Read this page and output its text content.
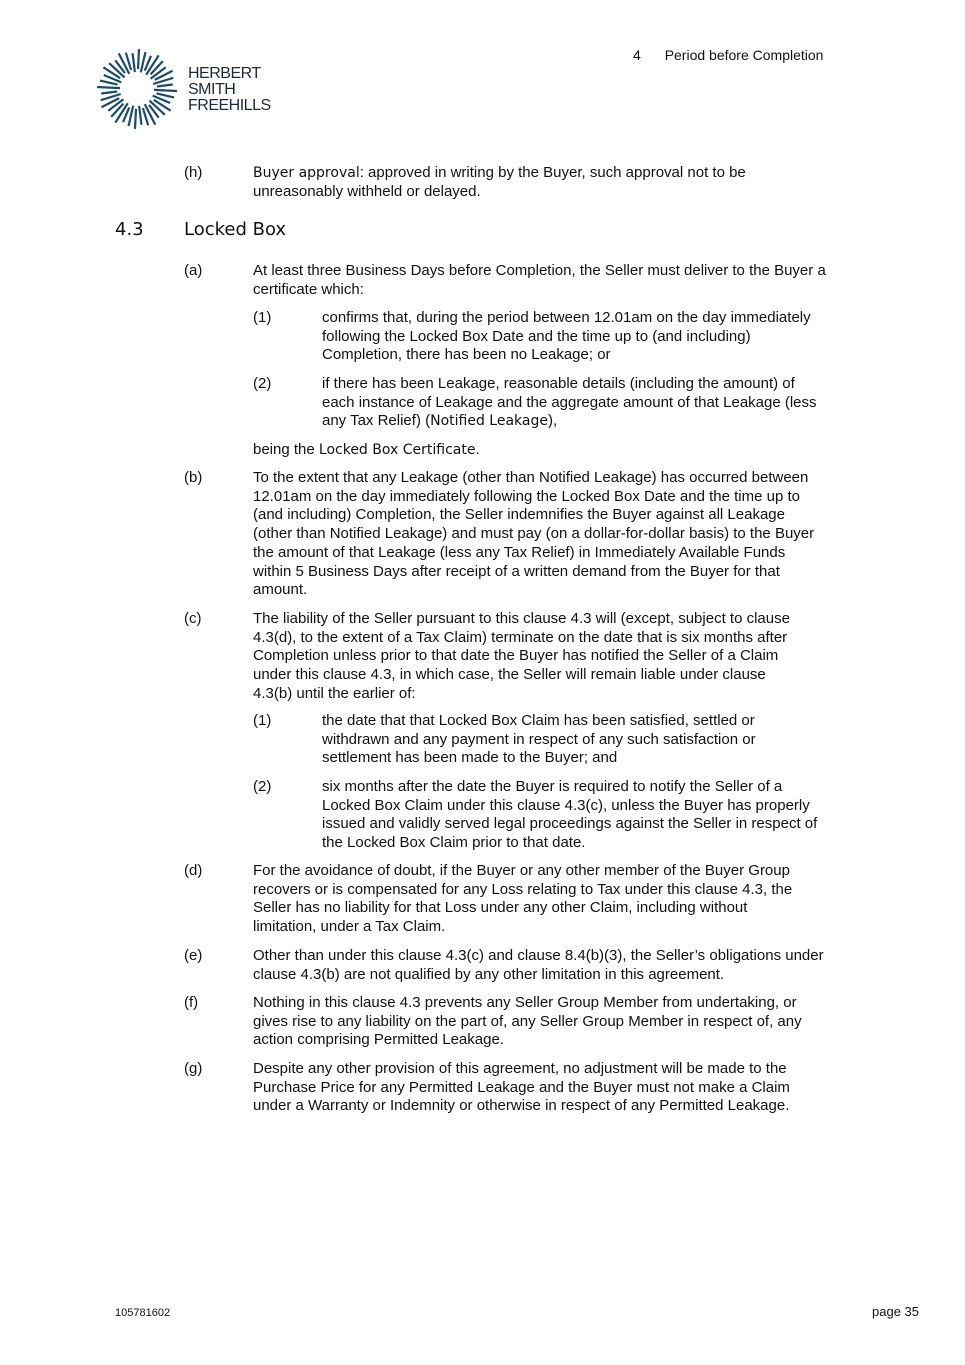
HERBERT
SMITH
FREEHILLS
4 Period before Completion
(h)	Buyer approval: approved in writing by the Buyer, such approval not to be unreasonably withheld or delayed.
4.3 Locked Box
(a)	At least three Business Days before Completion, the Seller must deliver to the Buyer a certificate which:
(1)	confirms that, during the period between 12.01am on the day immediately following the Locked Box Date and the time up to (and including) Completion, there has been no Leakage; or
(2)	if there has been Leakage, reasonable details (including the amount) of each instance of Leakage and the aggregate amount of that Leakage (less any Tax Relief) (Notified Leakage),
being the Locked Box Certificate.
(b)	To the extent that any Leakage (other than Notified Leakage) has occurred between 12.01am on the day immediately following the Locked Box Date and the time up to (and including) Completion, the Seller indemnifies the Buyer against all Leakage (other than Notified Leakage) and must pay (on a dollar-for-dollar basis) to the Buyer the amount of that Leakage (less any Tax Relief) in Immediately Available Funds within 5 Business Days after receipt of a written demand from the Buyer for that amount.
(c)	The liability of the Seller pursuant to this clause 4.3 will (except, subject to clause 4.3(d), to the extent of a Tax Claim) terminate on the date that is six months after Completion unless prior to that date the Buyer has notified the Seller of a Claim under this clause 4.3, in which case, the Seller will remain liable under clause 4.3(b) until the earlier of:
(1)	the date that that Locked Box Claim has been satisfied, settled or withdrawn and any payment in respect of any such satisfaction or settlement has been made to the Buyer; and
(2)	six months after the date the Buyer is required to notify the Seller of a Locked Box Claim under this clause 4.3(c), unless the Buyer has properly issued and validly served legal proceedings against the Seller in respect of the Locked Box Claim prior to that date.
(d)	For the avoidance of doubt, if the Buyer or any other member of the Buyer Group recovers or is compensated for any Loss relating to Tax under this clause 4.3, the Seller has no liability for that Loss under any other Claim, including without limitation, under a Tax Claim.
(e)	Other than under this clause 4.3(c) and clause 8.4(b)(3), the Seller’s obligations under clause 4.3(b) are not qualified by any other limitation in this agreement.
(f)	Nothing in this clause 4.3 prevents any Seller Group Member from undertaking, or gives rise to any liability on the part of, any Seller Group Member in respect of, any action comprising Permitted Leakage.
(g)	Despite any other provision of this agreement, no adjustment will be made to the Purchase Price for any Permitted Leakage and the Buyer must not make a Claim under a Warranty or Indemnity or otherwise in respect of any Permitted Leakage.
105781602	page 35
